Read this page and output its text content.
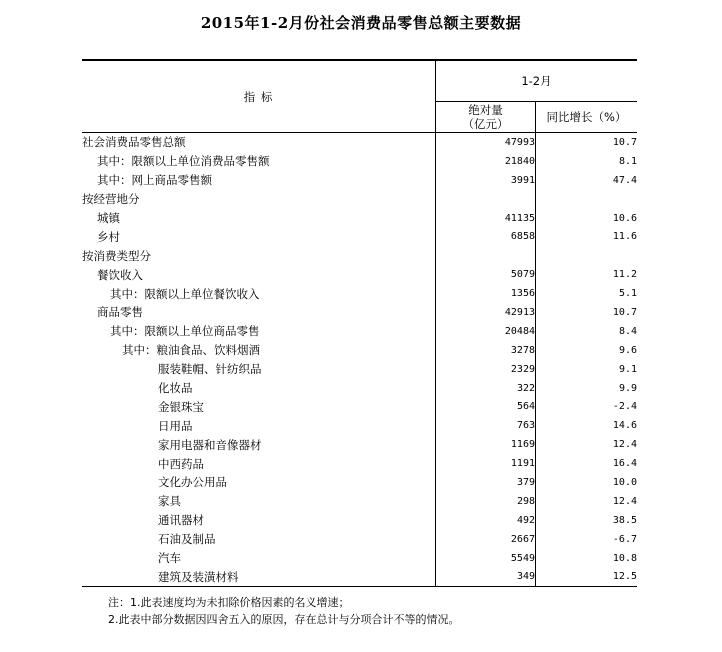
2015年1-2月份社会消费品零售总额主要数据
指 标	1-2月	

	绝对量
（亿元）	同比增长（%）
社会消费品零售总额	47993	10.7
其中：限额以上单位消费品零售额	21840	8.1
其中：网上商品零售额	3991	47.4
按经营地分		
城镇	41135	10.6
乡村	6858	11.6
按消费类型分		
餐饮收入	5079	11.2
其中：限额以上单位餐饮收入	1356	5.1
商品零售	42913	10.7
其中：限额以上单位商品零售	20484	8.4
其中：粮油食品、饮料烟酒	3278	9.6
服装鞋帽、针纺织品	2329	9.1
化妆品	322	9.9
金银珠宝	564	-2.4
日用品	763	14.6
家用电器和音像器材	1169	12.4
中西药品	1191	16.4
文化办公用品	379	10.0
家具	298	12.4
通讯器材	492	38.5
石油及制品	2667	-6.7
汽车	5549	10.8
建筑及装潢材料	349	12.5
注：1.此表速度均为未扣除价格因素的名义增速；
2.此表中部分数据因四舍五入的原因，存在总计与分项合计不等的情况。
